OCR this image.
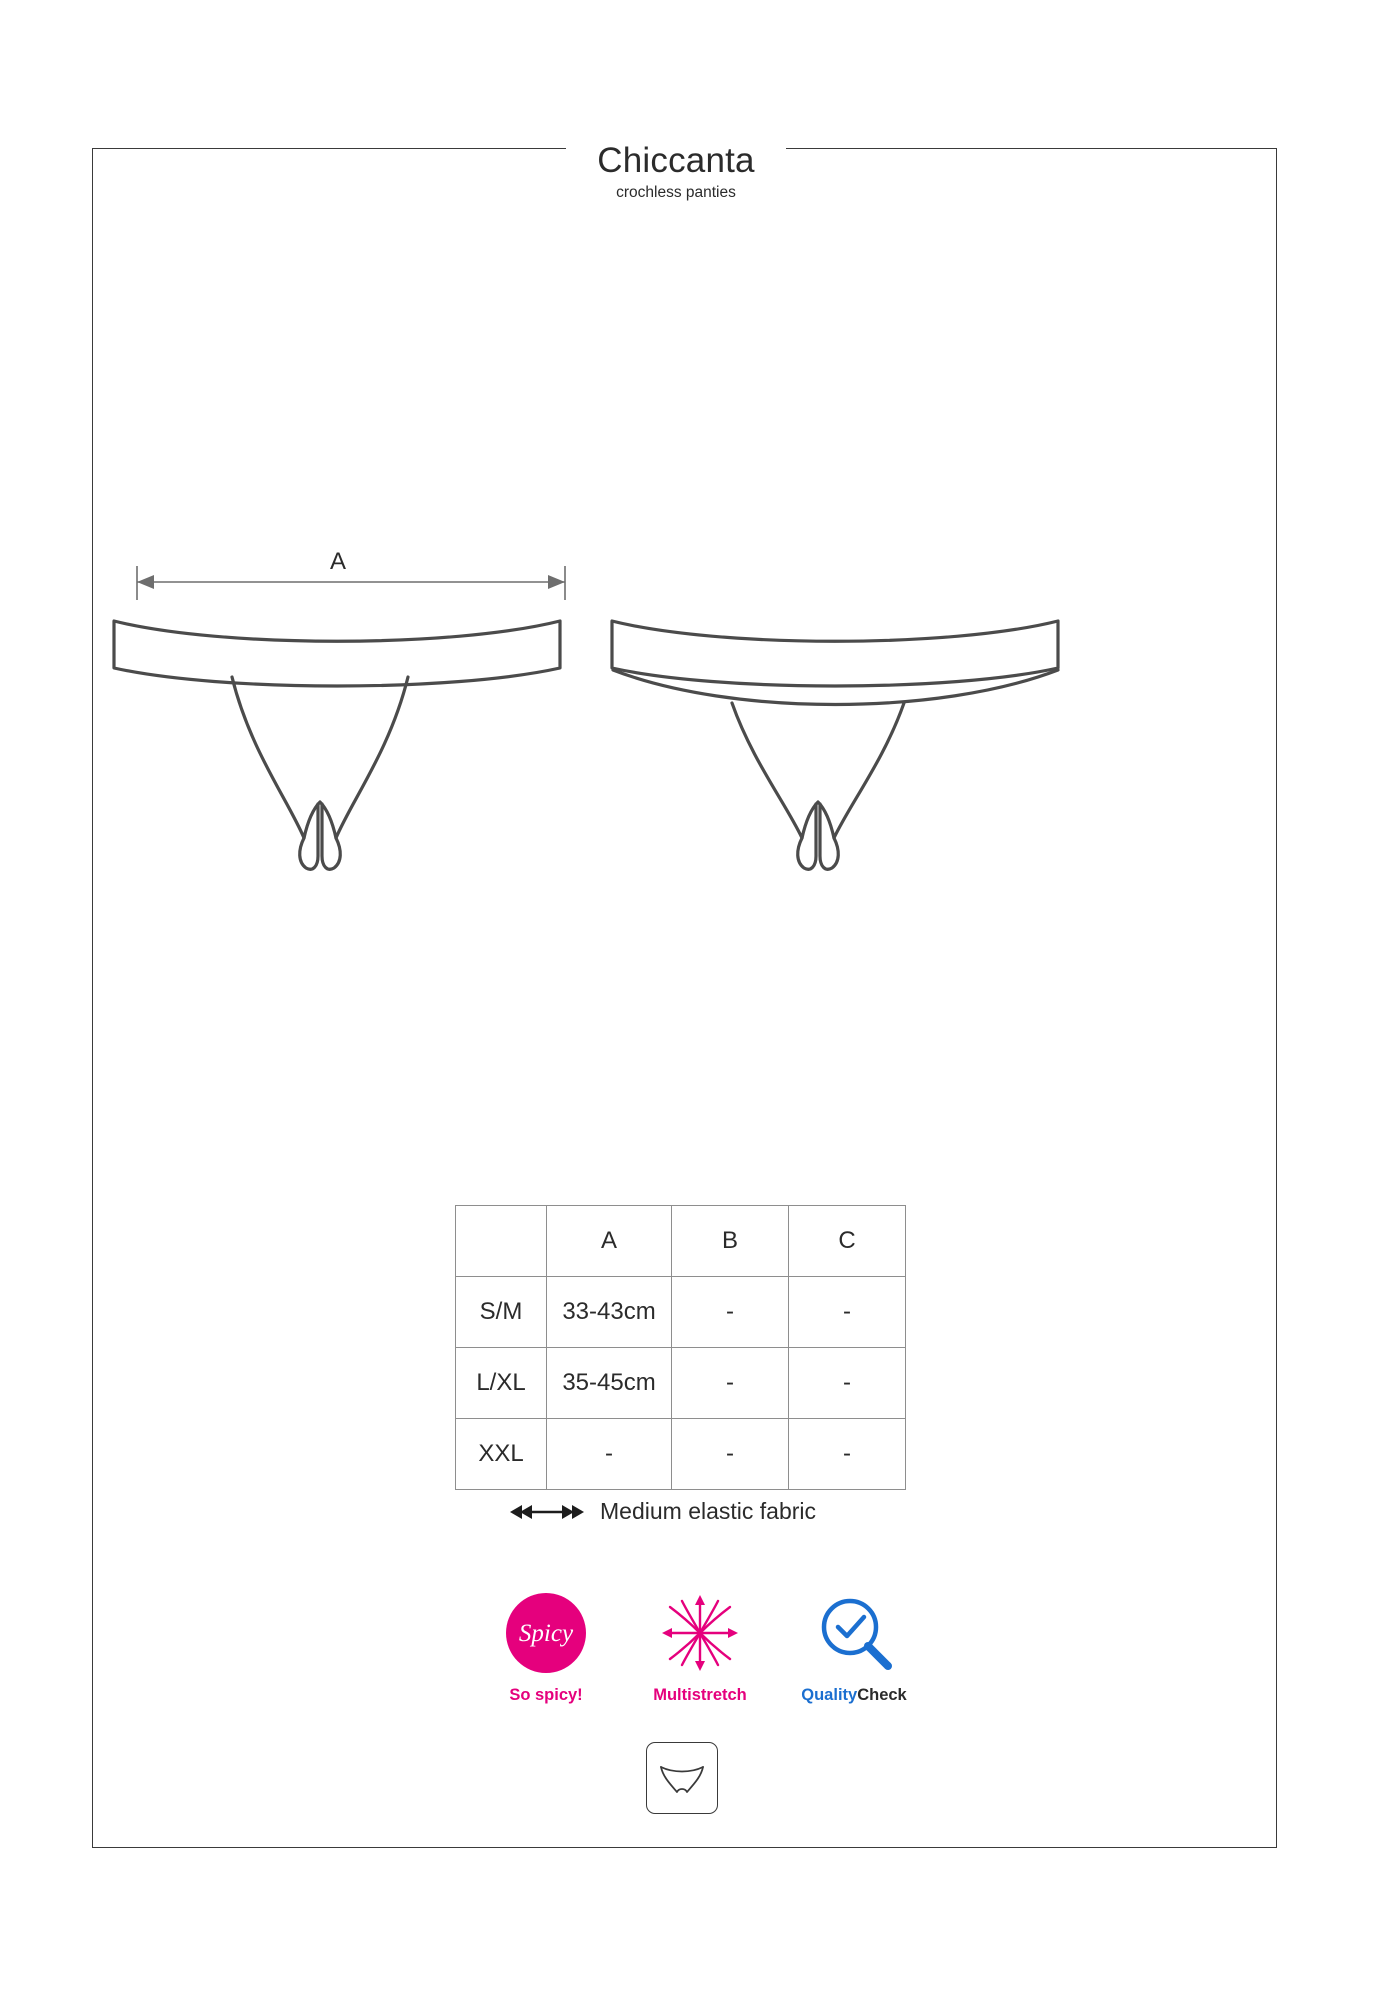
Chiccanta
crochless panties
A
	A	B	C
S/M	33-43cm	-	-
L/XL	35-45cm	-	-
XXL	-	-	-
Medium elastic fabric
Spicy
So spicy!	Multistretch	QualityCheck
